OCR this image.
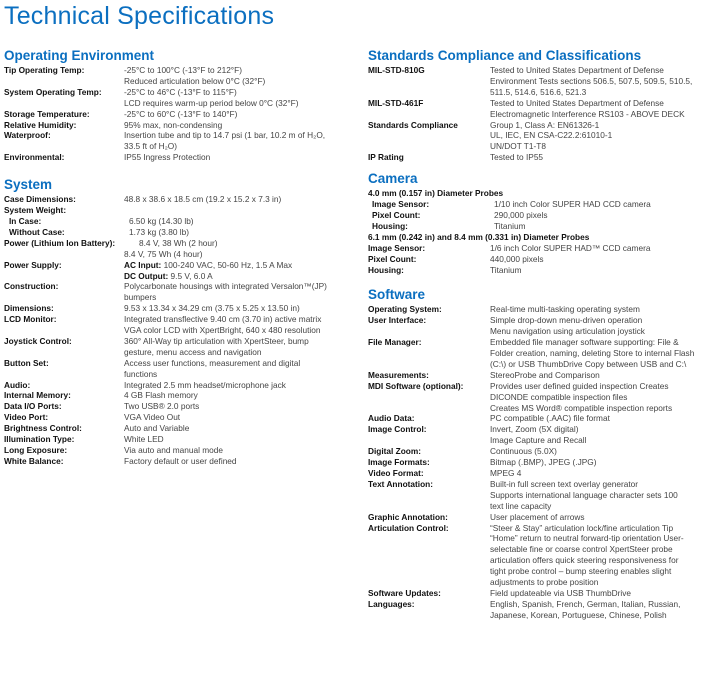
Technical Specifications
Operating Environment
Tip Operating Temp:	-25°C to 100°C (-13°F to 212°F)
Reduced articulation below 0°C (32°F)
System Operating Temp:	-25°C to 46°C (-13°F to 115°F)
LCD requires warm-up period below 0°C (32°F)
Storage Temperature:	-25°C to 60°C (-13°F to 140°F)
Relative Humidity:	95% max, non-condensing
Waterproof:	Insertion tube and tip to 14.7 psi (1 bar, 10.2 m of H₂O,
33.5 ft of H₂O)
Environmental:	IP55 Ingress Protection
System
Case Dimensions:	48.8 x 38.6 x 18.5 cm (19.2 x 15.2 x 7.3 in)
System Weight:

In Case:	6.50 kg (14.30 lb)
Without Case:	1.73 kg (3.80 lb)
Power (Lithium Ion Battery):	8.4 V, 38 Wh (2 hour)
8.4 V, 75 Wh (4 hour)
Power Supply:	AC Input: 100-240 VAC, 50-60 Hz, 1.5 A Max
DC Output: 9.5 V, 6.0 A
Construction:	Polycarbonate housings with integrated Versalon™(JP)
bumpers
Dimensions:	9.53 x 13.34 x 34.29 cm (3.75 x 5.25 x 13.50 in)
LCD Monitor:	Integrated transflective 9.40 cm (3.70 in) active matrix
VGA color LCD with XpertBright, 640 x 480 resolution
Joystick Control:	360° All-Way tip articulation with XpertSteer, bump
gesture, menu access and navigation
Button Set:	Access user functions, measurement and digital
functions
Audio:	Integrated 2.5 mm headset/microphone jack
Internal Memory:	4 GB Flash memory
Data I/O Ports:	Two USB® 2.0 ports
Video Port:	VGA Video Out
Brightness Control:	Auto and Variable
Illumination Type:	White LED
Long Exposure:	Via auto and manual mode
White Balance:	Factory default or user defined
Standards Compliance and Classifications
MIL-STD-810G	Tested to United States Department of Defense
Environment Tests sections 506.5, 507.5, 509.5, 510.5,
511.5, 514.6, 516.6, 521.3
MIL-STD-461F	Tested to United States Department of Defense
Electromagnetic Interference RS103 - ABOVE DECK
Standards Compliance	Group 1, Class A: EN61326-1
UL, IEC, EN CSA-C22.2:61010-1
UN/DOT T1-T8
IP Rating	Tested to IP55
Camera
4.0 mm (0.157 in) Diameter Probes
Image Sensor:	1/10 inch Color SUPER HAD CCD camera
Pixel Count:	290,000 pixels
Housing:	Titanium
6.1 mm (0.242 in) and 8.4 mm (0.331 in) Diameter Probes
Image Sensor:	1/6 inch Color SUPER HAD™ CCD camera
Pixel Count:	440,000 pixels
Housing:	Titanium
Software
Operating System:	Real-time multi-tasking operating system
User Interface:	Simple drop-down menu-driven operation
Menu navigation using articulation joystick
File Manager:	Embedded file manager software supporting: File &
Folder creation, naming, deleting Store to internal Flash
(C:\) or USB ThumbDrive Copy between USB and C:\
Measurements:	StereoProbe and Comparison
MDI Software (optional):	Provides user defined guided inspection Creates
DICONDE compatible inspection files
Creates MS Word® compatible inspection reports
Audio Data:	PC compatible (.AAC) file format
Image Control:	Invert, Zoom (5X digital)
Image Capture and Recall
Digital Zoom:	Continuous (5.0X)
Image Formats:	Bitmap (.BMP), JPEG (.JPG)
Video Format:	MPEG 4
Text Annotation:	Built-in full screen text overlay generator
Supports international language character sets 100
text line capacity
Graphic Annotation:	User placement of arrows
Articulation Control:	“Steer & Stay” articulation lock/fine articulation Tip
“Home” return to neutral forward-tip orientation User-
selectable fine or coarse control XpertSteer probe
articulation offers quick steering responsiveness for
tight probe control – bump steering enables slight
adjustments to probe position
Software Updates:	Field updateable via USB ThumbDrive
Languages:	English, Spanish, French, German, Italian, Russian,
Japanese, Korean, Portuguese, Chinese, Polish
